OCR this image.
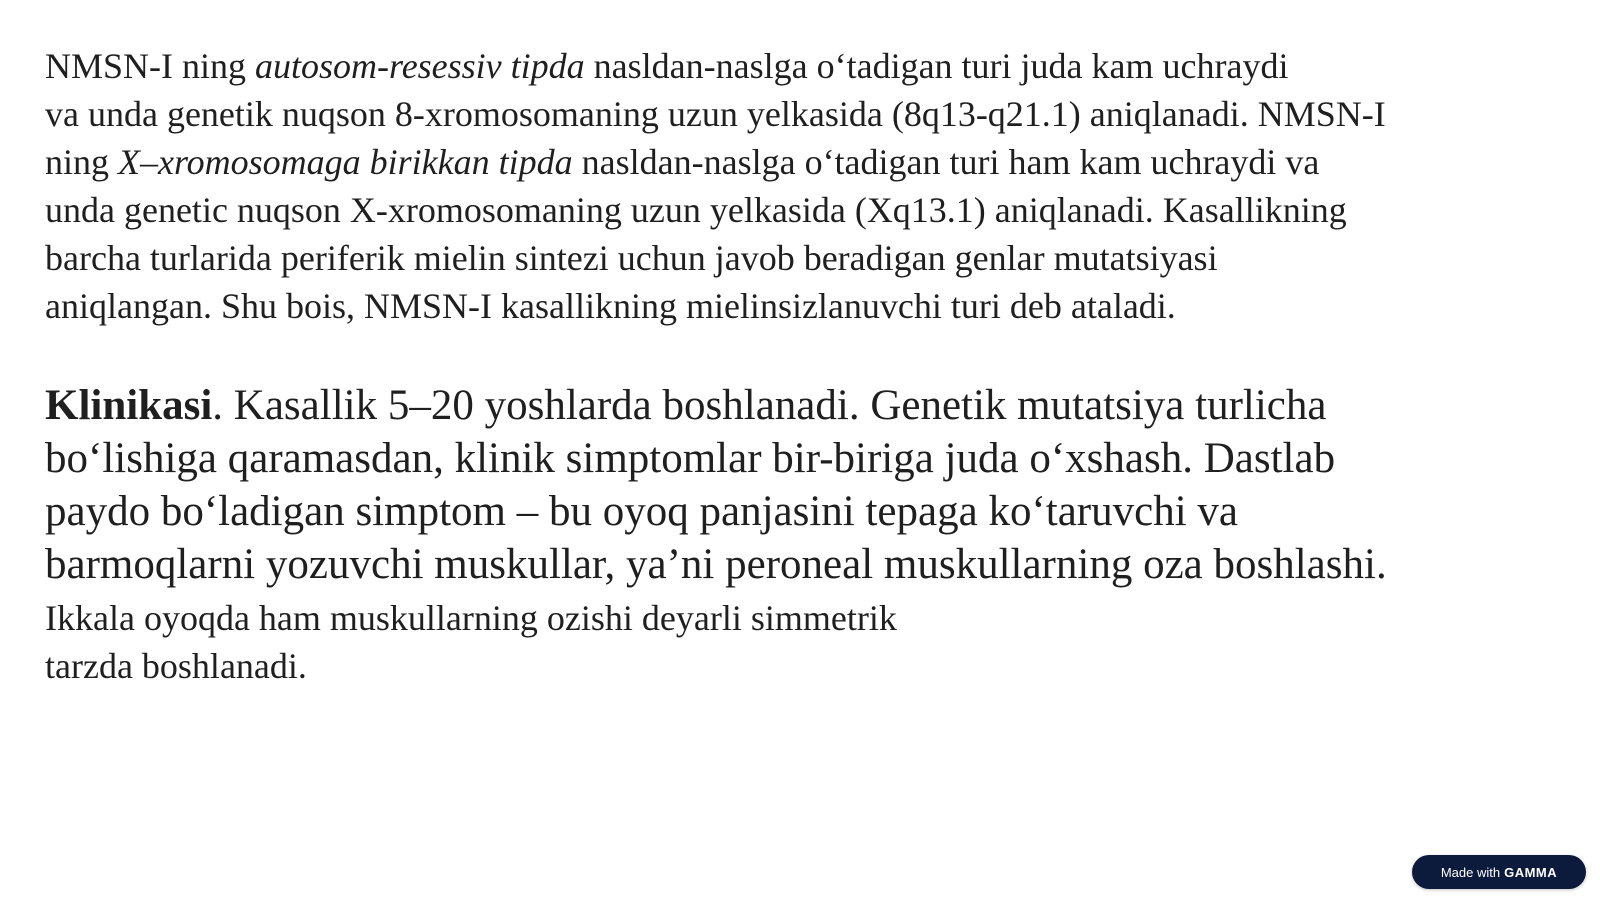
NMSN-I ning autosom-resessiv tipda nasldan-naslga oʻtadigan turi juda kam uchraydi
va unda genetik nuqson 8-xromosomaning uzun yelkasida (8q13-q21.1) aniqlanadi. NMSN-I
ning X–xromosomaga birikkan tipda nasldan-naslga oʻtadigan turi ham kam uchraydi va
unda genetic nuqson X-xromosomaning uzun yelkasida (Xq13.1) aniqlanadi. Kasallikning
barcha turlarida periferik mielin sintezi uchun javob beradigan genlar mutatsiyasi
aniqlangan. Shu bois, NMSN-I kasallikning mielinsizlanuvchi turi deb ataladi.

Klinikasi. Kasallik 5–20 yoshlarda boshlanadi. Genetik mutatsiya turlicha
boʻlishiga qaramasdan, klinik simptomlar bir-biriga juda oʻxshash. Dastlab
paydo boʻladigan simptom – bu oyoq panjasini tepaga koʻtaruvchi va
barmoqlarni yozuvchi muskullar, ya’ni peroneal muskullarning oza boshlashi.

Ikkala oyoqda ham muskullarning ozishi deyarli simmetrik
tarzda boshlanadi.

Made with GAMMA
